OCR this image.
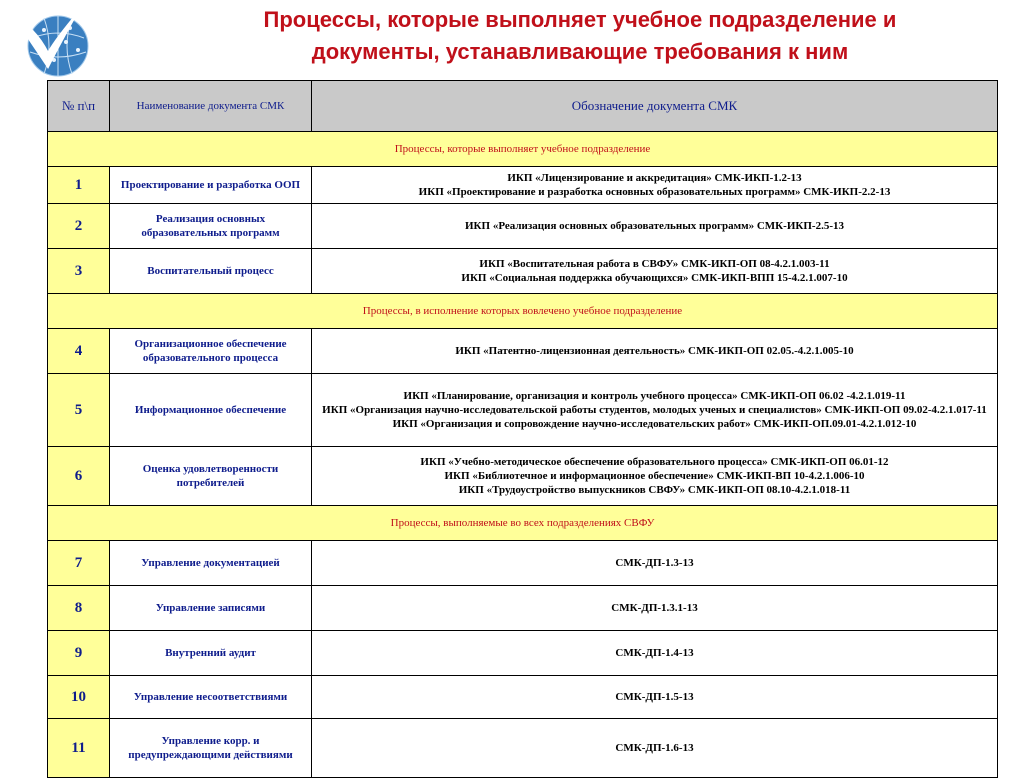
Процессы, которые выполняет учебное подразделение и
документы, устанавливающие требования к ним
№ п\п	Наименование документа СМК	Обозначение документа СМК
Процессы, которые выполняет учебное подразделение		
1	Проектирование и разработка ООП	ИКП «Лицензирование и аккредитация» СМК-ИКП-1.2-13
ИКП «Проектирование и разработка основных образовательных программ» СМК-ИКП-2.2-13

2	Реализация основных образовательных программ	ИКП «Реализация основных образовательных программ» СМК-ИКП-2.5-13

3	Воспитательный процесс	ИКП «Воспитательная работа в СВФУ» СМК-ИКП-ОП 08-4.2.1.003-11
ИКП «Социальная поддержка обучающихся» СМК-ИКП-ВПП 15-4.2.1.007-10

Процессы, в исполнение которых вовлечено учебное подразделение		
4	Организационное обеспечение образовательного процесса	ИКП «Патентно-лицензионная деятельность» СМК-ИКП-ОП 02.05.-4.2.1.005-10

5	Информационное обеспечение	ИКП «Планирование, организация и контроль учебного процесса» СМК-ИКП-ОП 06.02 -4.2.1.019-11
ИКП «Организация научно-исследовательской работы студентов, молодых ученых и специалистов» СМК-ИКП-ОП 09.02-4.2.1.017-11
ИКП «Организация и сопровождение научно-исследовательских работ» СМК-ИКП-ОП.09.01-4.2.1.012-10

6	Оценка удовлетворенности потребителей	ИКП «Учебно-методическое обеспечение образовательного процесса» СМК-ИКП-ОП 06.01-12
ИКП «Библиотечное и информационное обеспечение» СМК-ИКП-ВП 10-4.2.1.006-10
ИКП «Трудоустройство выпускников СВФУ» СМК-ИКП-ОП 08.10-4.2.1.018-11

Процессы, выполняемые во всех подразделениях СВФУ		
7	Управление документацией	СМК-ДП-1.3-13

8	Управление записями	СМК-ДП-1.3.1-13

9	Внутренний аудит	СМК-ДП-1.4-13

10	Управление несоответствиями	СМК-ДП-1.5-13

11	Управление корр. и предупреждающими действиями	СМК-ДП-1.6-13
